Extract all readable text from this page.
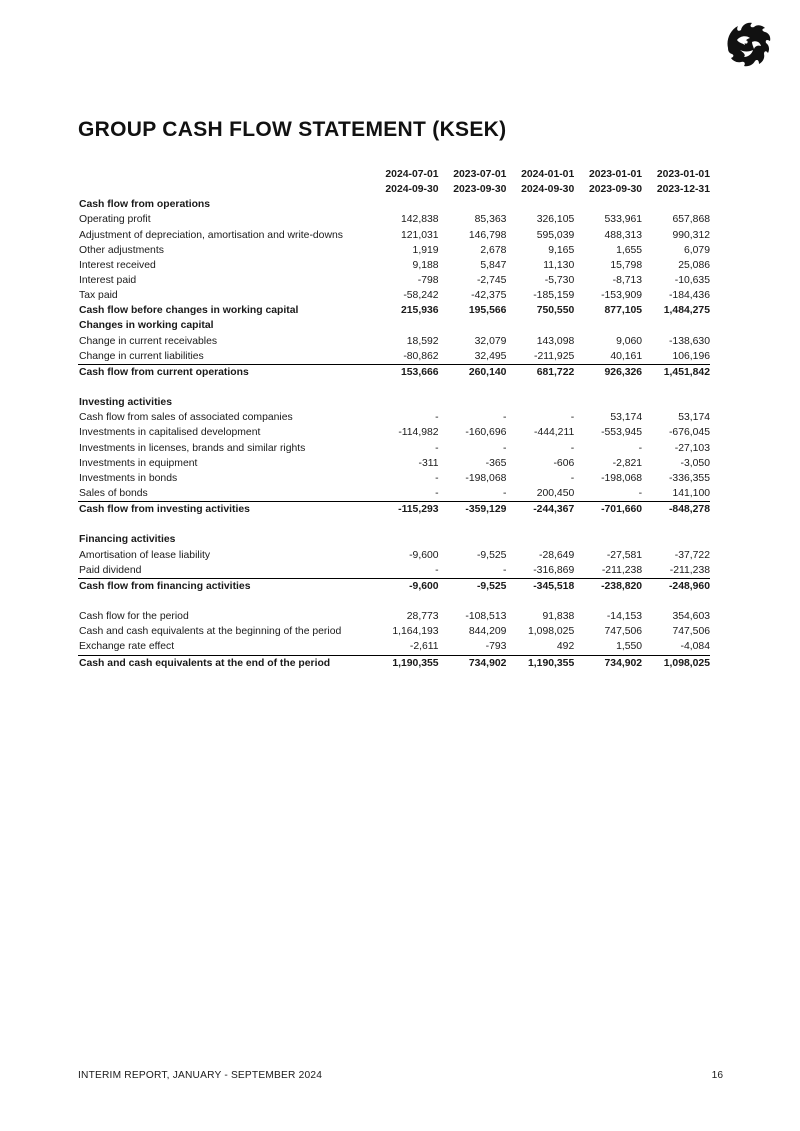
GROUP CASH FLOW STATEMENT (KSEK)
	2024-07-01	2023-07-01	2024-01-01	2023-01-01	2023-01-01
	2024-09-30	2023-09-30	2024-09-30	2023-09-30	2023-12-31
Cash flow from operations					
Operating profit	142,838	85,363	326,105	533,961	657,868
Adjustment of depreciation, amortisation and write-downs	121,031	146,798	595,039	488,313	990,312
Other adjustments	1,919	2,678	9,165	1,655	6,079
Interest received	9,188	5,847	11,130	15,798	25,086
Interest paid	-798	-2,745	-5,730	-8,713	-10,635
Tax paid	-58,242	-42,375	-185,159	-153,909	-184,436
Cash flow before changes in working capital	215,936	195,566	750,550	877,105	1,484,275
Changes in working capital					
Change in current receivables	18,592	32,079	143,098	9,060	-138,630
Change in current liabilities	-80,862	32,495	-211,925	40,161	106,196
Cash flow from current operations	153,666	260,140	681,722	926,326	1,451,842

Investing activities					
Cash flow from sales of associated companies	-	-	-	53,174	53,174
Investments in capitalised development	-114,982	-160,696	-444,211	-553,945	-676,045
Investments in licenses, brands and similar rights	-	-	-	-	-27,103
Investments in equipment	-311	-365	-606	-2,821	-3,050
Investments in bonds	-	-198,068	-	-198,068	-336,355
Sales of bonds	-	-	200,450	-	141,100
Cash flow from investing activities	-115,293	-359,129	-244,367	-701,660	-848,278

Financing activities					
Amortisation of lease liability	-9,600	-9,525	-28,649	-27,581	-37,722
Paid dividend	-	-	-316,869	-211,238	-211,238
Cash flow from financing activities	-9,600	-9,525	-345,518	-238,820	-248,960

Cash flow for the period	28,773	-108,513	91,838	-14,153	354,603
Cash and cash equivalents at the beginning of the period	1,164,193	844,209	1,098,025	747,506	747,506
Exchange rate effect	-2,611	-793	492	1,550	-4,084
Cash and cash equivalents at the end of the period	1,190,355	734,902	1,190,355	734,902	1,098,025
INTERIM REPORT, JANUARY - SEPTEMBER 2024	16
